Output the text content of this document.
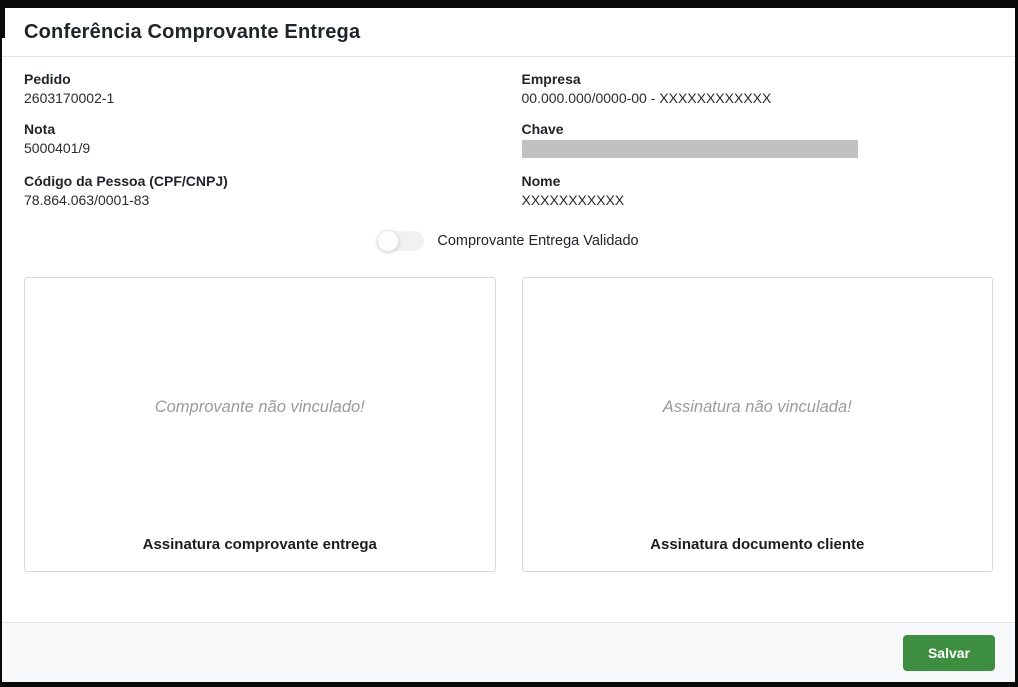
Conferência Comprovante Entrega
Pedido
2603170002-1
Empresa
00.000.000/0000-00 - XXXXXXXXXXXX
Nota
5000401/9
Chave
Código da Pessoa (CPF/CNPJ)
78.864.063/0001-83
Nome
XXXXXXXXXXX
Comprovante Entrega Validado
Comprovante não vinculado!
Assinatura comprovante entrega
Assinatura não vinculada!
Assinatura documento cliente
Salvar
